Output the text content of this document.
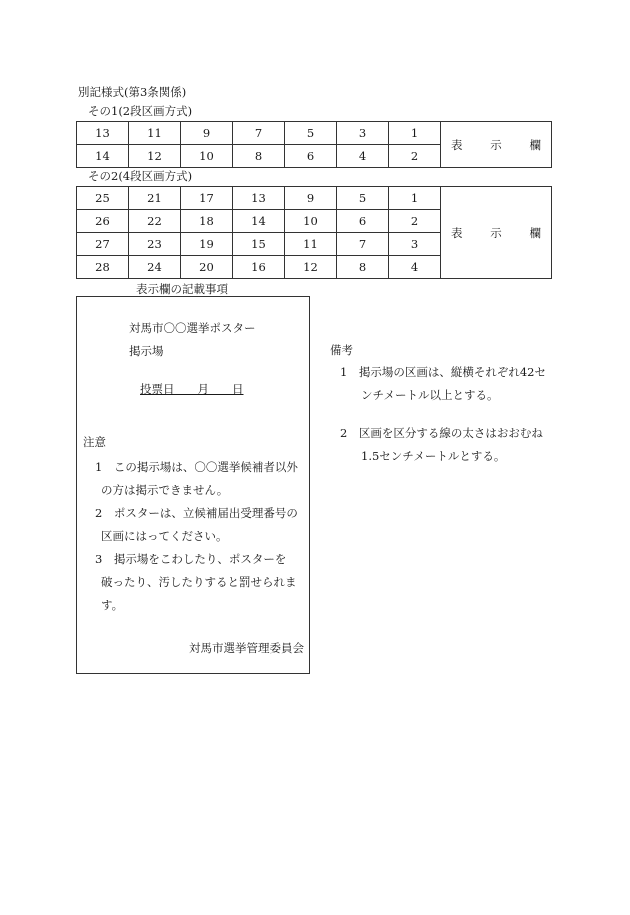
別記様式(第3条関係)
その1(2段区画方式)
13	11	9	7	5	3	1	表 示 欄

14	12	10	8	6	4	2	
その2(4段区画方式)
25	21	17	13	9	5	1	表 示 欄

26	22	18	14	10	6	2	
27	23	19	15	11	7	3	
28	24	20	16	12	8	4	
表示欄の記載事項
対馬市〇〇選挙ポスター
掲示場
投票日　　月　　日
注意
1　この掲示場は、〇〇選挙候補者以外
の方は掲示できません。
2　ポスターは、立候補届出受理番号の
区画にはってください。
3　掲示場をこわしたり、ポスターを
破ったり、汚したりすると罰せられま
す。
対馬市選挙管理委員会
備考
1　掲示場の区画は、縦横それぞれ42セ
ンチメートル以上とする。
2　区画を区分する線の太さはおおむね
1.5センチメートルとする。
